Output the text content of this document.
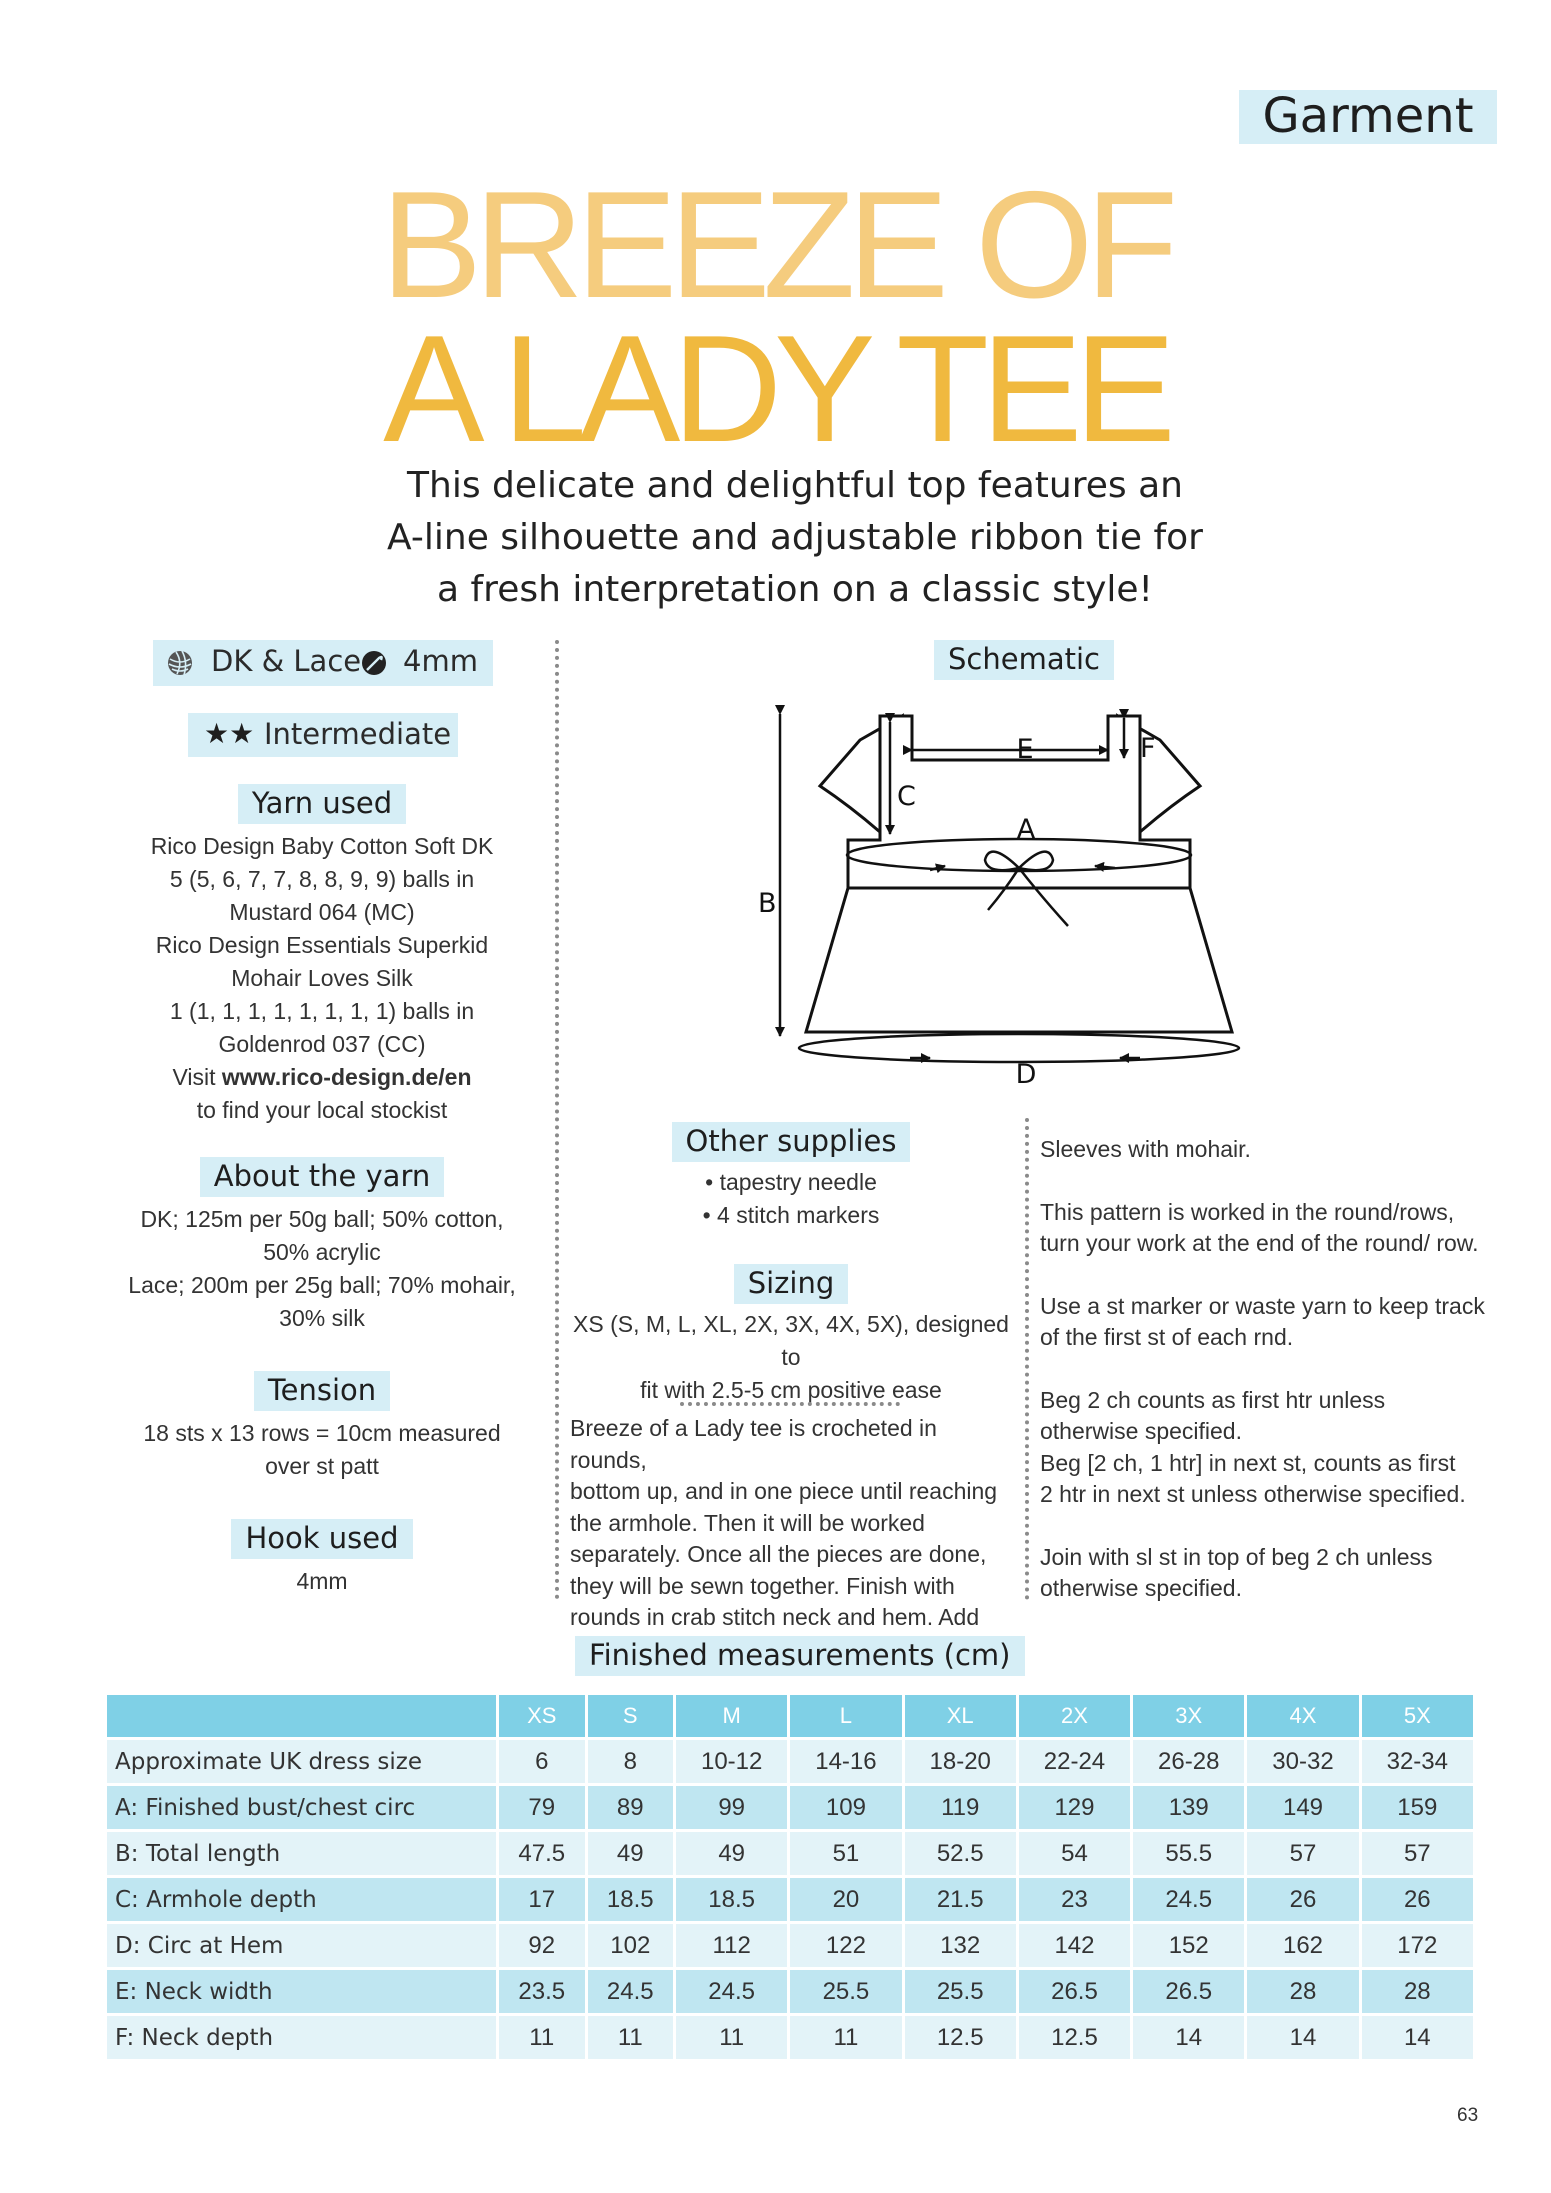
Garment
BREEZE OF
A LADY TEE
This delicate and delightful top features an
A-line silhouette and adjustable ribbon tie for
a fresh interpretation on a classic style!
DK & Lace 4mm
★★ Intermediate
Yarn used
Rico Design Baby Cotton Soft DK
5 (5, 6, 7, 7, 8, 8, 9, 9) balls in
Mustard 064 (MC)
Rico Design Essentials Superkid
Mohair Loves Silk
1 (1, 1, 1, 1, 1, 1, 1, 1) balls in
Goldenrod 037 (CC)
Visit www.rico-design.de/en
to find your local stockist
About the yarn
DK; 125m per 50g ball; 50% cotton,
50% acrylic
Lace; 200m per 25g ball; 70% mohair,
30% silk
Tension
18 sts x 13 rows = 10cm measured
over st patt
Hook used
4mm
Schematic
E	F
C
A
B
D
Other supplies
• tapestry needle
• 4 stitch markers
Sizing
XS (S, M, L, XL, 2X, 3X, 4X, 5X), designed to
fit with 2.5-5 cm positive ease
Breeze of a Lady tee is crocheted in rounds,
bottom up, and in one piece until reaching
the armhole. Then it will be worked
separately. Once all the pieces are done,
they will be sewn together. Finish with
rounds in crab stitch neck and hem. Add
Sleeves with mohair.
This pattern is worked in the round/rows,
turn your work at the end of the round/ row.
Use a st marker or waste yarn to keep track
of the first st of each rnd.
Beg 2 ch counts as first htr unless
otherwise specified.
Beg [2 ch, 1 htr] in next st, counts as first
2 htr in next st unless otherwise specified.
Join with sl st in top of beg 2 ch unless
otherwise specified.
Finished measurements (cm)
	XS	S	M	L	XL	2X	3X	4X	5X
Approximate UK dress size	6	8	10-12	14-16	18-20	22-24	26-28	30-32	32-34
A: Finished bust/chest circ	79	89	99	109	119	129	139	149	159
B: Total length	47.5	49	49	51	52.5	54	55.5	57	57
C: Armhole depth	17	18.5	18.5	20	21.5	23	24.5	26	26
D: Circ at Hem	92	102	112	122	132	142	152	162	172
E: Neck width	23.5	24.5	24.5	25.5	25.5	26.5	26.5	28	28
F: Neck depth	11	11	11	11	12.5	12.5	14	14	14
63
